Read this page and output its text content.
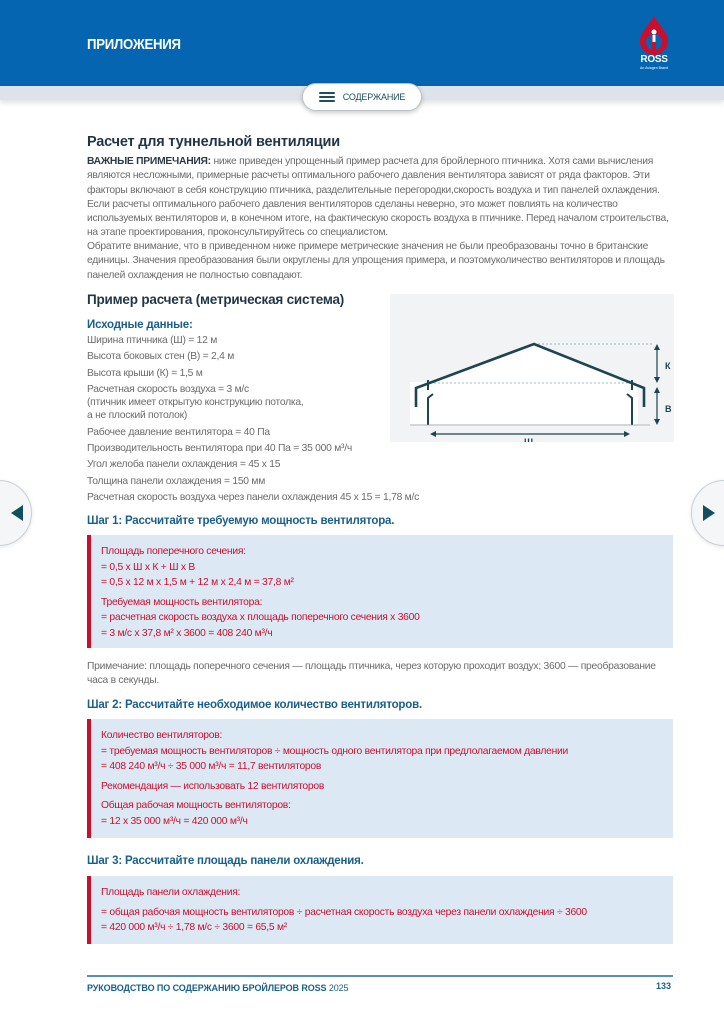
ПРИЛОЖЕНИЯ
ROSS
An Aviagen Brand
СОДЕРЖАНИЕ
Расчет для туннельной вентиляции

ВАЖНЫЕ ПРИМЕЧАНИЯ: ниже приведен упрощенный пример расчета для бройлерного птичника. Хотя сами вычисления являются несложными, примерные расчеты оптимального рабочего давления вентилятора зависят от ряда факторов. Эти факторы включают в себя конструкцию птичника, разделительные перегородки,скорость воздуха и тип панелей охлаждения. Если расчеты оптимального рабочего давления вентиляторов сделаны неверно, это может повлиять на количество используемых вентиляторов и, в конечном итоге, на фактическую скорость воздуха в птичнике. Перед началом строительства, на этапе проектирования, проконсультируйтесь со специалистом.

Обратите внимание, что в приведенном ниже примере метрические значения не были преобразованы точно в британские единицы. Значения преобразования были округлены для упрощения примера, и поэтомуколичество вентиляторов и площадь панелей охлаждения не полностью совпадают.

Пример расчета (метрическая система)
Исходные данные:
Ширина птичника (Ш) = 12 м
Высота боковых стен (В) = 2,4 м
Высота крыши (К) = 1,5 м
Расчетная скорость воздуха = 3 м/с
(птичник имеет открытую конструкцию потолка,
а не плоский потолок)
Рабочее давление вентилятора = 40 Па
Производительность вентилятора при 40 Па = 35 000 м³/ч
Угол желоба панели охлаждения = 45 x 15
Толщина панели охлаждения = 150 мм
Расчетная скорость воздуха через панели охлаждения 45 x 15 = 1,78 м/с
К
В
Ш
Шаг 1: Рассчитайте требуемую мощность вентилятора.
Площадь поперечного сечения:
= 0,5 x Ш x К + Ш x В
= 0,5 x 12 м x 1,5 м + 12 м x 2,4 м = 37,8 м²
Требуемая мощность вентилятора:
= расчетная скорость воздуха x площадь поперечного сечения x 3600
= 3 м/с x 37,8 м² x 3600 = 408 240 м³/ч

Примечание: площадь поперечного сечения — площадь птичника, через которую проходит воздух; 3600 — преобразование часа в секунды.

Шаг 2: Рассчитайте необходимое количество вентиляторов.
Количество вентиляторов:
= требуемая мощность вентиляторов ÷ мощность одного вентилятора при предлолагаемом давлении
= 408 240 м³/ч ÷ 35 000 м³/ч = 11,7 вентиляторов
Рекомендация — использовать 12 вентиляторов
Общая рабочая мощность вентиляторов:
= 12 x 35 000 м³/ч = 420 000 м³/ч
Шаг 3: Рассчитайте площадь панели охлаждения.
Площадь панели охлаждения:
= общая рабочая мощность вентиляторов ÷ расчетная скорость воздуха через панели охлаждения ÷ 3600
= 420 000 м³/ч ÷ 1,78 м/с ÷ 3600 = 65,5 м²
РУКОВОДСТВО ПО СОДЕРЖАНИЮ БРОЙЛЕРОВ ROSS 2025	133
